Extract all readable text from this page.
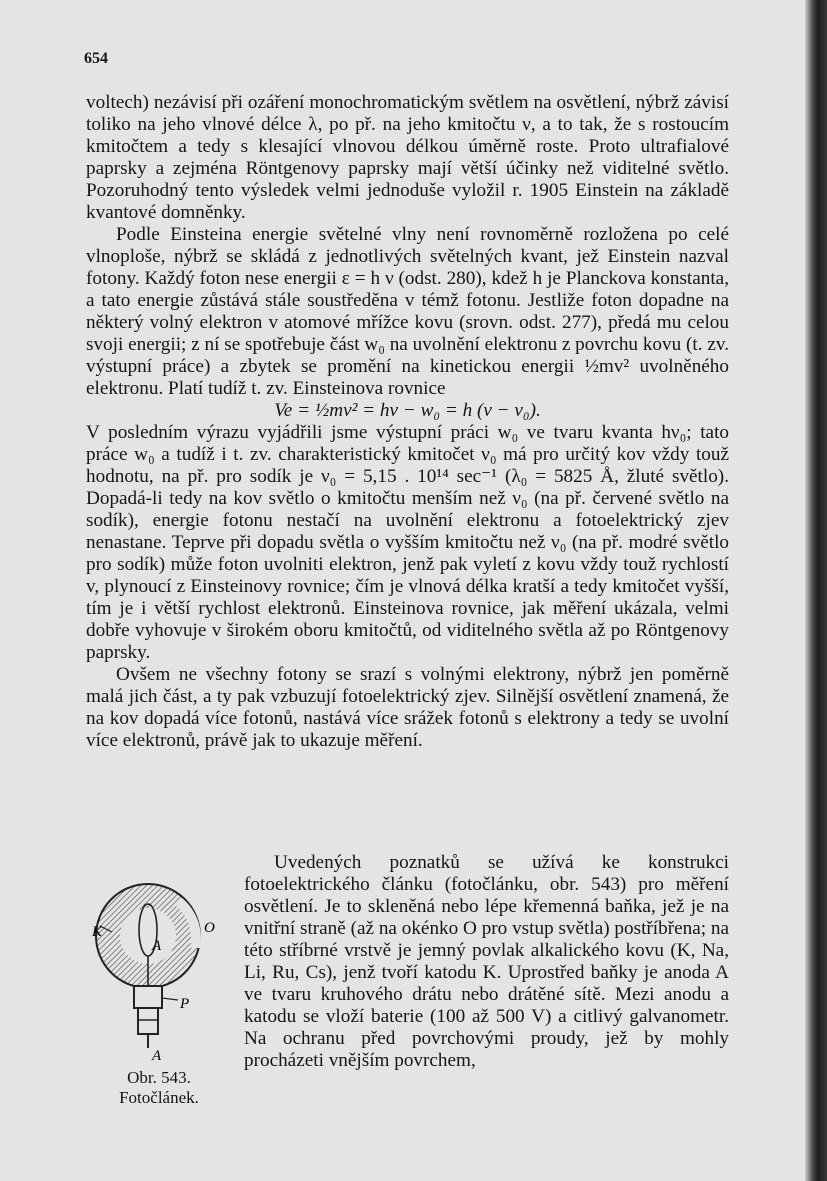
654

voltech) nezávisí při ozáření monochromatickým světlem na osvětlení, nýbrž závisí toliko na jeho vlnové délce λ, po př. na jeho kmitočtu ν, a to tak, že s rostoucím kmitočtem a tedy s klesající vlnovou délkou úměrně roste. Proto ultrafialové paprsky a zejména Röntgenovy paprsky mají větší účinky než viditelné světlo. Pozoruhodný tento výsledek velmi jednoduše vyložil r. 1905 Einstein na základě kvantové domněnky.

Podle Einsteina energie světelné vlny není rovnoměrně rozložena po celé vlnoploše, nýbrž se skládá z jednotlivých světelných kvant, jež Einstein nazval fotony. Každý foton nese energii ε = h ν (odst. 280), kdež h je Planckova konstanta, a tato energie zůstává stále soustředěna v témž fotonu. Jestliže foton dopadne na některý volný elektron v atomové mřížce kovu (srovn. odst. 277), předá mu celou svoji energii; z ní se spotřebuje část w₀ na uvolnění elektronu z povrchu kovu (t. zv. výstupní práce) a zbytek se promění na kinetickou energii ½mv² uvolněného elektronu. Platí tudíž t. zv. Einsteinova rovnice

Ve = ½mv² = hν − w₀ = h (ν − ν₀).

V posledním výrazu vyjádřili jsme výstupní práci w₀ ve tvaru kvanta hν₀; tato práce w₀ a tudíž i t. zv. charakteristický kmitočet ν₀ má pro určitý kov vždy touž hodnotu, na př. pro sodík je ν₀ = 5,15 . 10¹⁴ sec⁻¹ (λ₀ = 5825 Å, žluté světlo). Dopadá-li tedy na kov světlo o kmitočtu menším než ν₀ (na př. červené světlo na sodík), energie fotonu nestačí na uvolnění elektronu a fotoelektrický zjev nenastane. Teprve při dopadu světla o vyšším kmitočtu než ν₀ (na př. modré světlo pro sodík) může foton uvolniti elektron, jenž pak vyletí z kovu vždy touž rychlostí v, plynoucí z Einsteinovy rovnice; čím je vlnová délka kratší a tedy kmitočet vyšší, tím je i větší rychlost elektronů. Einsteinova rovnice, jak měření ukázala, velmi dobře vyhovuje v širokém oboru kmitočtů, od viditelného světla až po Röntgenovy paprsky.

Ovšem ne všechny fotony se srazí s volnými elektrony, nýbrž jen poměrně malá jich část, a ty pak vzbuzují fotoelektrický zjev. Silnější osvětlení znamená, že na kov dopadá více fotonů, nastává více srážek fotonů s elektrony a tedy se uvolní více elektronů, právě jak to ukazuje měření.

K
A
O
P
A
Obr. 543.
Fotočlánek.

Uvedených poznatků se užívá ke konstrukci fotoelektrického článku (fotočlánku, obr. 543) pro měření osvětlení. Je to skleněná nebo lépe křemenná baňka, jež je na vnitřní straně (až na okénko O pro vstup světla) postříbřena; na této stříbrné vrstvě je jemný povlak alkalického kovu (K, Na, Li, Ru, Cs), jenž tvoří katodu K. Uprostřed baňky je anoda A ve tvaru kruhového drátu nebo drátěné sítě. Mezi anodu a katodu se vloží baterie (100 až 500 V) a citlivý galvanometr. Na ochranu před povrchovými proudy, jež by mohly procházeti vnějším povrchem,
